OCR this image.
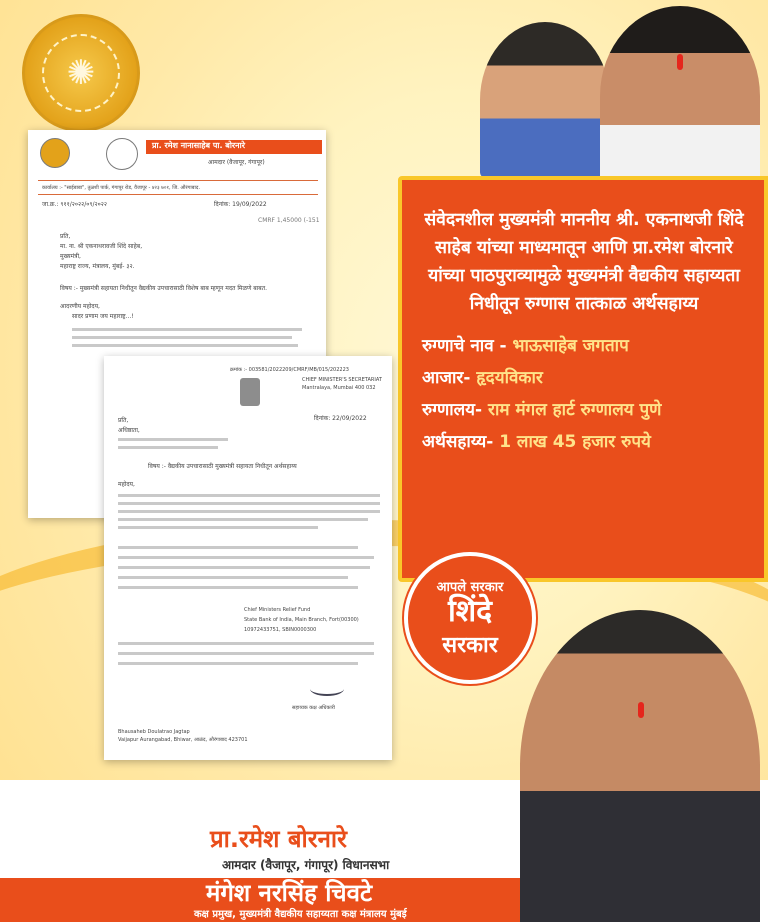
✺
संवेदनशील मुख्यमंत्री माननीय श्री. एकनाथजी शिंदे साहेब यांच्या माध्यमातून आणि प्रा.रमेश बोरनारे यांच्या पाठपुराव्यामुळे मुख्यमंत्री वैद्यकीय सहाय्यता निधीतून रुग्णास तात्काळ अर्थसहाय्य
रुग्णाचे नाव - भाऊसाहेब जगताप
आजार- हृदयविकार
रुग्णालय- राम मंगल हार्ट रुग्णालय पुणे
अर्थसहाय्य- 1 लाख 45 हजार रुपये
प्रा. रमेश नानासाहेब पा. बोरनारे
आमदार (वैजापूर, गंगापूर)
कार्यालय :- "साईबाबा", तुळशी पार्क, गंगापूर रोड, वैजापूर - ४२३ ७०१, जि. औरंगाबाद.
जा.क्र.: ९११/२०२२/०९/२०२२	दिनांक: 19/09/2022
CMRF 1,45000 (-151
प्रति,
मा. ना. श्री एकनाथरावजी शिंदे साहेब,
मुख्यमंत्री,
महाराष्ट्र राज्य, मंत्रालय, मुंबई- ३२.
विषय :- मुख्यमंत्री सहायता निधीतून वैद्यकीय उपचारासाठी विशेष बाब म्हणून मदत मिळणे बाबत.
आदरणीय महोदय,
सादर प्रणाम जय महाराष्ट्र...!
क्रमांक :- 003581/2022209/CMRF/MB/015/202223
CHIEF MINISTER'S SECRETARIAT
Mantralaya, Mumbai 400 032
दिनांक: 22/09/2022
प्रति,
अधिष्ठाता,
विषय :- वैद्यकीय उपचारासाठी मुख्यमंत्री सहायता निधीतून अर्थसहाय्य
महोदय,
Chief Ministers Relief Fund
State Bank of India, Main Branch, Fort(00300)
10972433751, SBIN0000300
सहाय्यक कक्ष अधिकारी
Bhausaheb Doulatrao Jagtap
Vaijapur Aurangabad, Bhiwar, आळंद, औरंगाबाद 423701
आपले सरकार
शिंदे
सरकार
प्रा.रमेश बोरनारे
आमदार (वैजापूर, गंगापूर) विधानसभा
मंगेश नरसिंह चिवटे
कक्ष प्रमुख, मुख्यमंत्री वैद्यकीय सहाय्यता कक्ष मंत्रालय मुंबई
